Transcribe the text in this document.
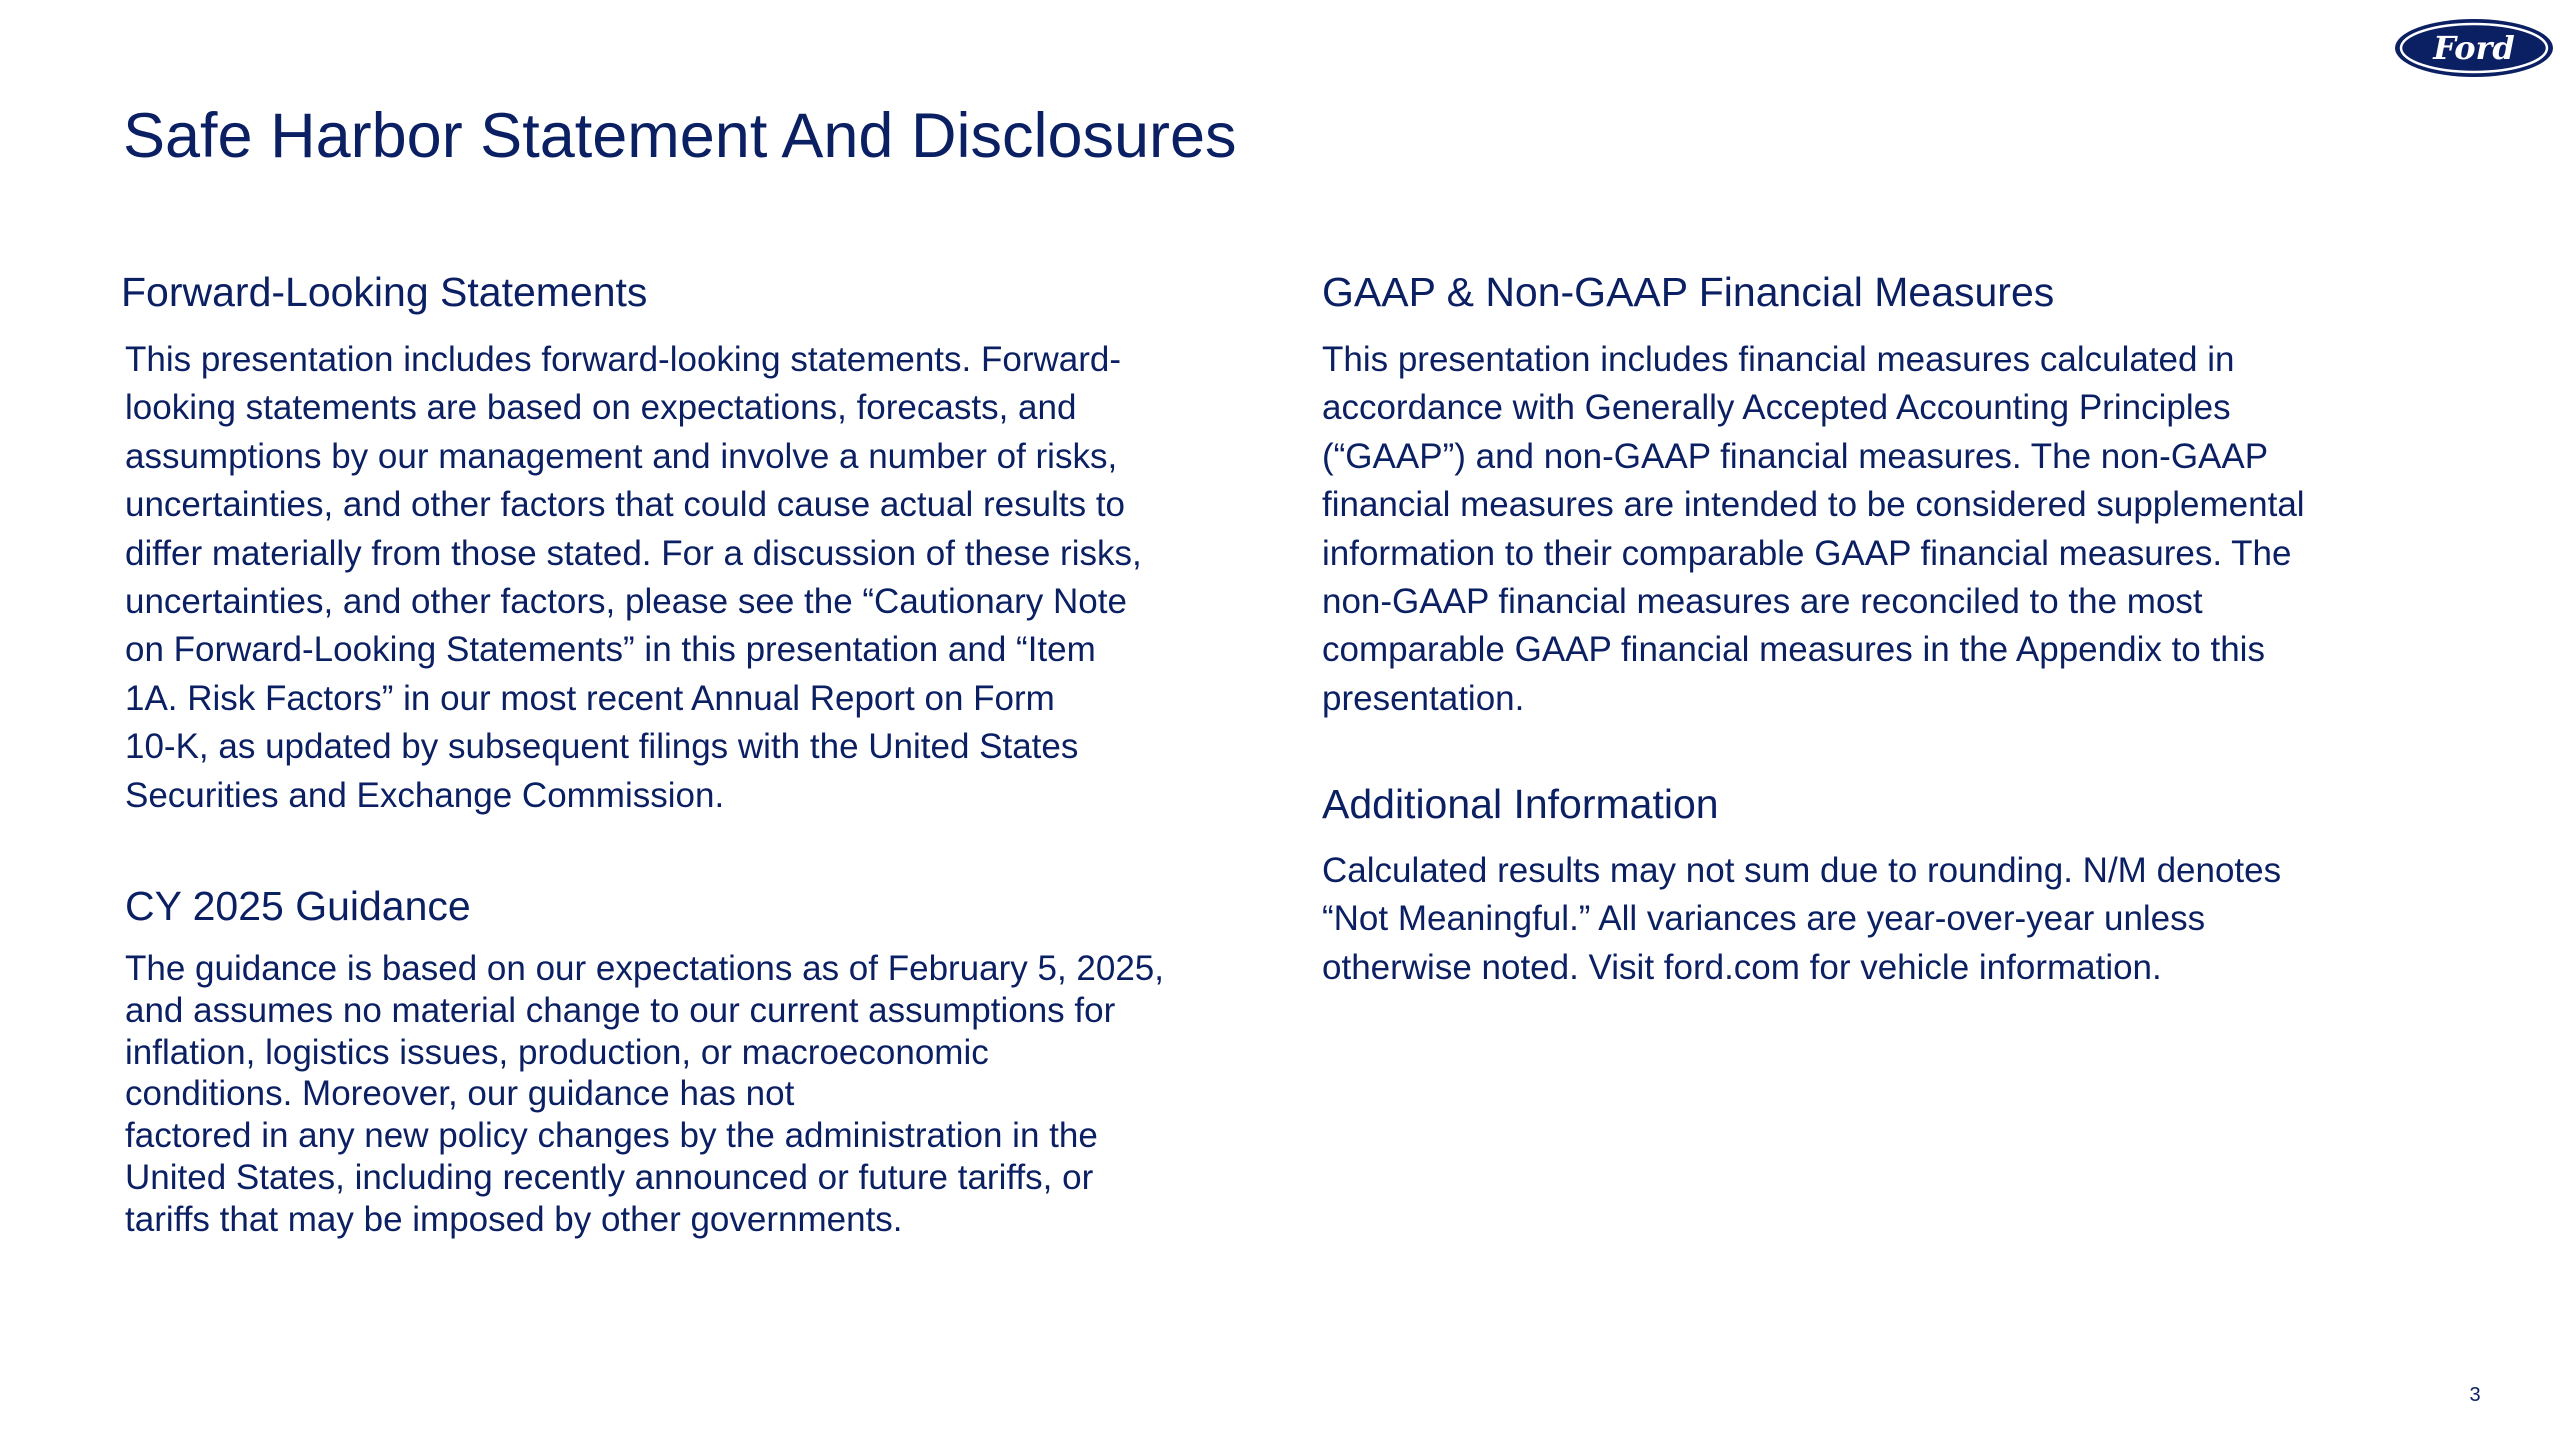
Safe Harbor Statement And Disclosures
Ford
Forward-Looking Statements
This presentation includes forward-looking statements. Forward-
looking statements are based on expectations, forecasts, and
assumptions by our management and involve a number of risks,
uncertainties, and other factors that could cause actual results to
differ materially from those stated. For a discussion of these risks,
uncertainties, and other factors, please see the “Cautionary Note
on Forward-Looking Statements” in this presentation and “Item
1A. Risk Factors” in our most recent Annual Report on Form
10-K, as updated by subsequent filings with the United States
Securities and Exchange Commission.
CY 2025 Guidance
The guidance is based on our expectations as of February 5, 2025,
and assumes no material change to our current assumptions for
inflation, logistics issues, production, or macroeconomic
conditions. Moreover, our guidance has not
factored in any new policy changes by the administration in the
United States, including recently announced or future tariffs, or
tariffs that may be imposed by other governments.
GAAP & Non-GAAP Financial Measures
This presentation includes financial measures calculated in
accordance with Generally Accepted Accounting Principles
(“GAAP”) and non-GAAP financial measures. The non-GAAP
financial measures are intended to be considered supplemental
information to their comparable GAAP financial measures. The
non-GAAP financial measures are reconciled to the most
comparable GAAP financial measures in the Appendix to this
presentation.
Additional Information
Calculated results may not sum due to rounding. N/M denotes
“Not Meaningful.” All variances are year-over-year unless
otherwise noted. Visit ford.com for vehicle information.
3
